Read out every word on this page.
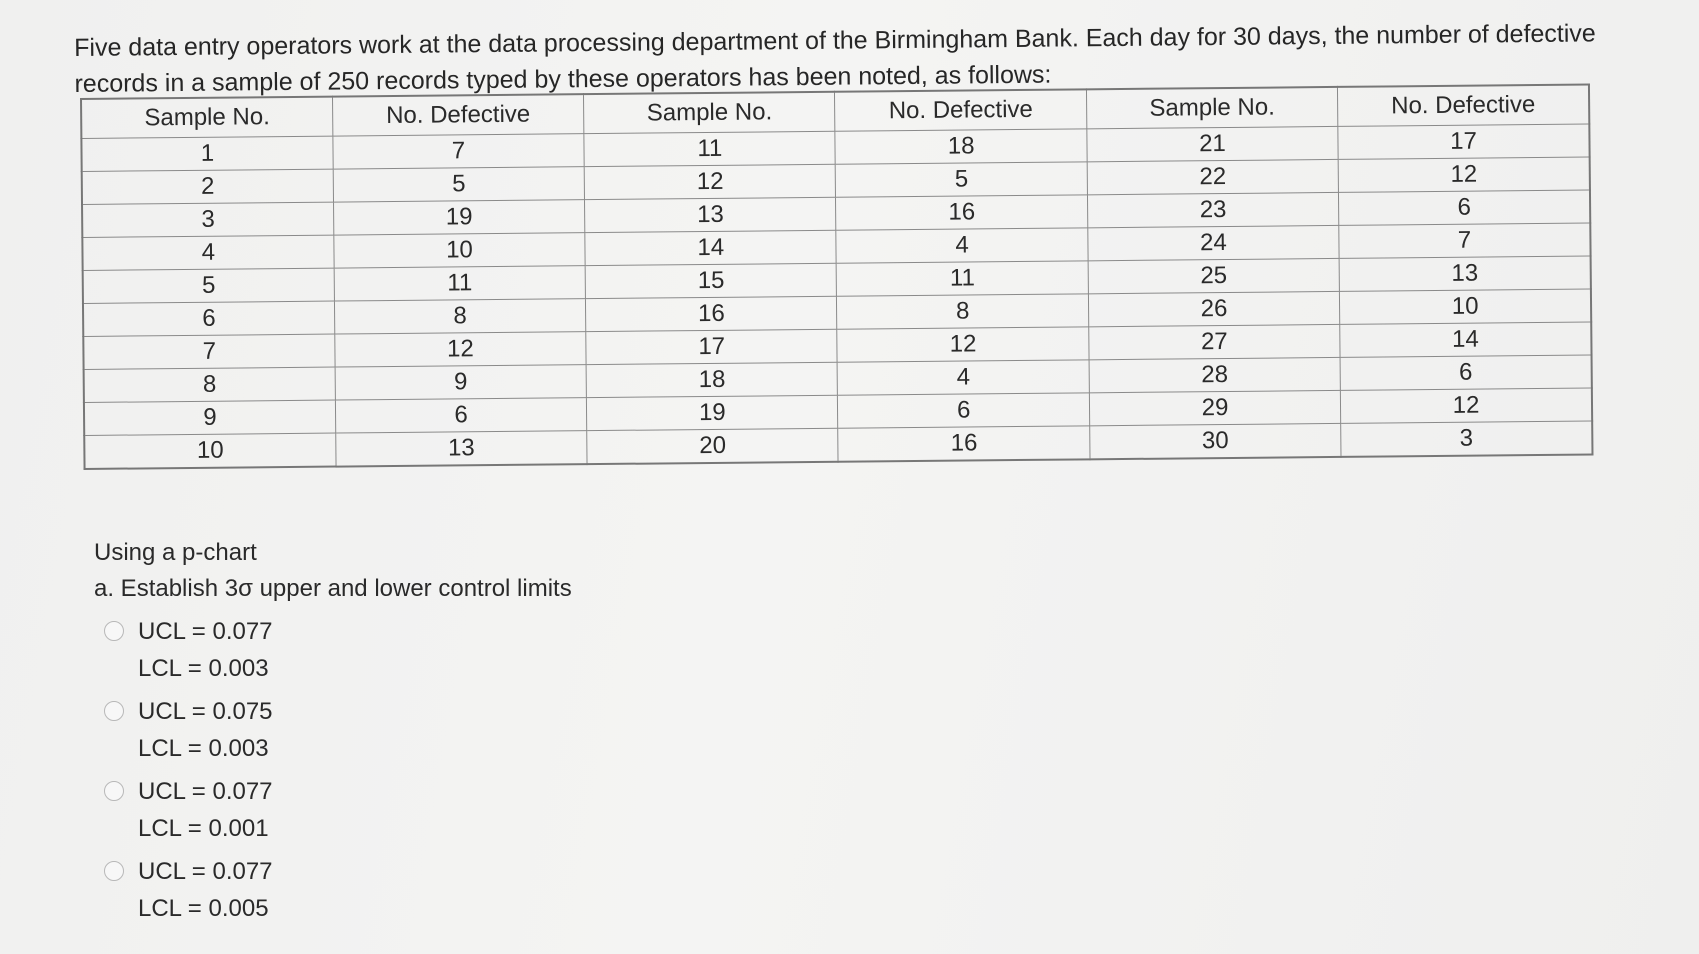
Five data entry operators work at the data processing department of the Birmingham Bank. Each day for 30 days, the number of defective

records in a sample of 250 records typed by these operators has been noted, as follows:

Sample No.	No. Defective	Sample No.	No. Defective	Sample No.	No. Defective
1	7	11	18	21	17
2	5	12	5	22	12
3	19	13	16	23	6
4	10	14	4	24	7
5	11	15	11	25	13
6	8	16	8	26	10
7	12	17	12	27	14
8	9	18	4	28	6
9	6	19	6	29	12
10	13	20	16	30	3
Using a p-chart
a. Establish 3σ upper and lower control limits
UCL = 0.077
LCL = 0.003
UCL = 0.075
LCL = 0.003
UCL = 0.077
LCL = 0.001
UCL = 0.077
LCL = 0.005
